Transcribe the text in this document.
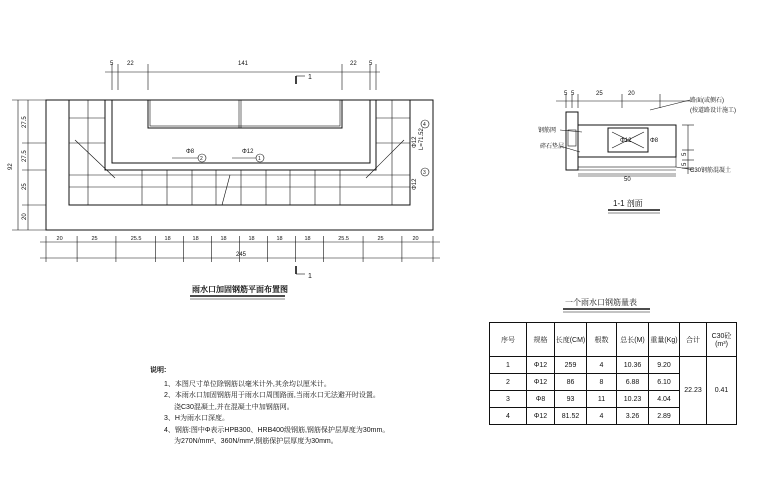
5 22	141	22 5
1
Φ8
2
Φ12
1
4
L=71.52
Φ12
3
Φ12
92
27.5
27.5
25
20
20	25	25.5	18	18	18	18	18	18	25.5	25	20
245
1
雨水口加固钢筋平面布置图
5 5	25	20
Φ12	Φ8
50
5
5
路面(或侧石)
(按道路设计施工)
钢筋网
碎石垫层
C30钢筋混凝土
1-1 剖面
一个雨水口钢筋量表
序号	规格	长度(CM)	根数	总长(M)	重量(Kg)	合计	C30砼(m³)
1	Φ12	259	4	10.36	9.20	22.23	0.41
2	Φ12	86	8	6.88	6.10		
3	Φ8	93	11	10.23	4.04		
4	Φ12	81.52	4	3.26	2.89		
说明:
1、本图尺寸单位除钢筋以毫米计外,其余均以厘米计。
2、本雨水口加固钢筋用于雨水口周围路面,当雨水口无法避开时设置。
浇C30混凝土,并在混凝土中加钢筋网。
3、H为雨水口深度。
4、钢筋:图中Φ表示HPB300、HRB400级钢筋,钢筋保护层厚度为30mm。
为270N/mm²、360N/mm²,钢筋保护层厚度为30mm。
